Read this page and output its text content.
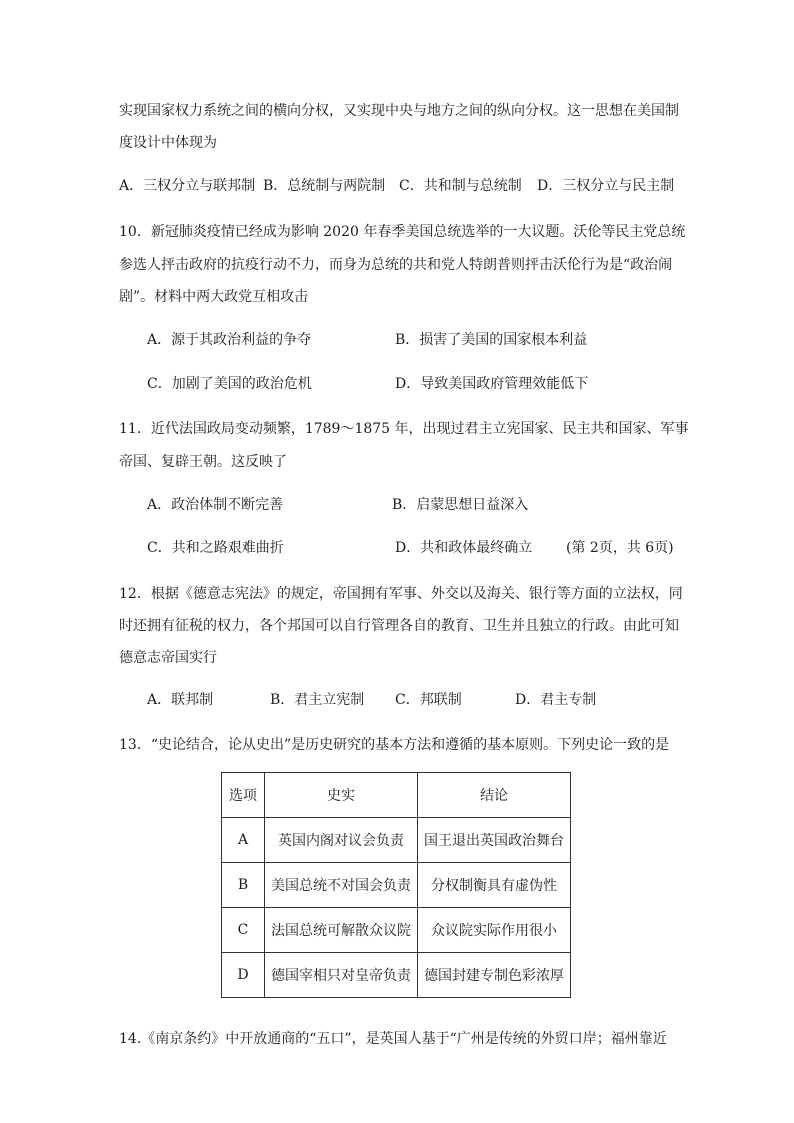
实现国家权力系统之间的横向分权，又实现中央与地方之间的纵向分权。这一思想在美国制
度设计中体现为
A．三权分立与联邦制 B．总统制与两院制 C．共和制与总统制 D．三权分立与民主制
10．新冠肺炎疫情已经成为影响 2020 年春季美国总统选举的一大议题。沃伦等民主党总统
参选人抨击政府的抗疫行动不力，而身为总统的共和党人特朗普则抨击沃伦行为是“政治闹
剧”。材料中两大政党互相攻击
A．源于其政治利益的争夺	B．损害了美国的国家根本利益
C．加剧了美国的政治危机	D．导致美国政府管理效能低下
11．近代法国政局变动频繁，1789～1875 年，出现过君主立宪国家、民主共和国家、军事
帝国、复辟王朝。这反映了
A．政治体制不断完善	B．启蒙思想日益深入
C．共和之路艰难曲折	D．共和政体最终确立 (第 2页，共 6页)
12．根据《德意志宪法》的规定，帝国拥有军事、外交以及海关、银行等方面的立法权，同
时还拥有征税的权力，各个邦国可以自行管理各自的教育、卫生并且独立的行政。由此可知
德意志帝国实行
A．联邦制	B．君主立宪制 C．邦联制	D．君主专制
13．“史论结合，论从史出”是历史研究的基本方法和遵循的基本原则。下列史论一致的是
选项	史实	结论
A	英国内阁对议会负责	国王退出英国政治舞台
B	美国总统不对国会负责	分权制衡具有虚伪性
C	法国总统可解散众议院	众议院实际作用很小
D	德国宰相只对皇帝负责	德国封建专制色彩浓厚
14.《南京条约》中开放通商的“五口”，是英国人基于“广州是传统的外贸口岸；福州靠近
